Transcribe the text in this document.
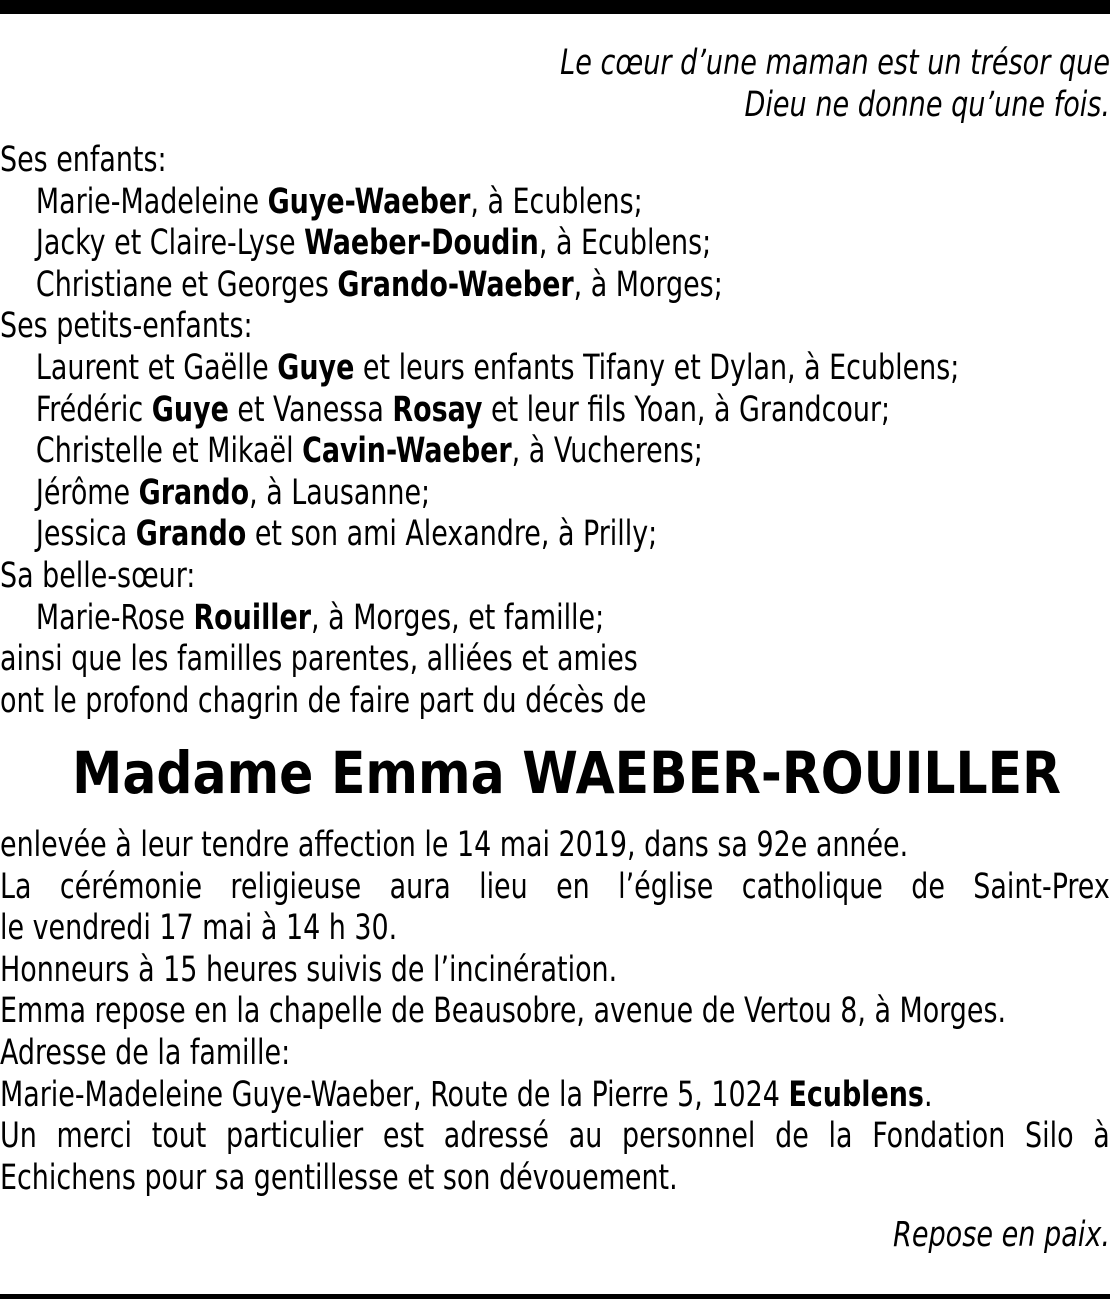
Le cœur d’une maman est un trésor que
Dieu ne donne qu’une fois.
Ses enfants:
Marie-Madeleine Guye-Waeber, à Ecublens;
Jacky et Claire-Lyse Waeber-Doudin, à Ecublens;
Christiane et Georges Grando-Waeber, à Morges;
Ses petits-enfants:
Laurent et Gaëlle Guye et leurs enfants Tifany et Dylan, à Ecublens;
Frédéric Guye et Vanessa Rosay et leur fils Yoan, à Grandcour;
Christelle et Mikaël Cavin-Waeber, à Vucherens;
Jérôme Grando, à Lausanne;
Jessica Grando et son ami Alexandre, à Prilly;
Sa belle-sœur:
Marie-Rose Rouiller, à Morges, et famille;
ainsi que les familles parentes, alliées et amies
ont le profond chagrin de faire part du décès de
Madame Emma WAEBER-ROUILLER
enlevée à leur tendre affection le 14 mai 2019, dans sa 92e année.
La cérémonie religieuse aura lieu en l’église catholique de Saint-Prex
le vendredi 17 mai à 14 h 30.
Honneurs à 15 heures suivis de l’incinération.
Emma repose en la chapelle de Beausobre, avenue de Vertou 8, à Morges.
Adresse de la famille:
Marie-Madeleine Guye-Waeber, Route de la Pierre 5, 1024 Ecublens.
Un merci tout particulier est adressé au personnel de la Fondation Silo à
Echichens pour sa gentillesse et son dévouement.
Repose en paix.
